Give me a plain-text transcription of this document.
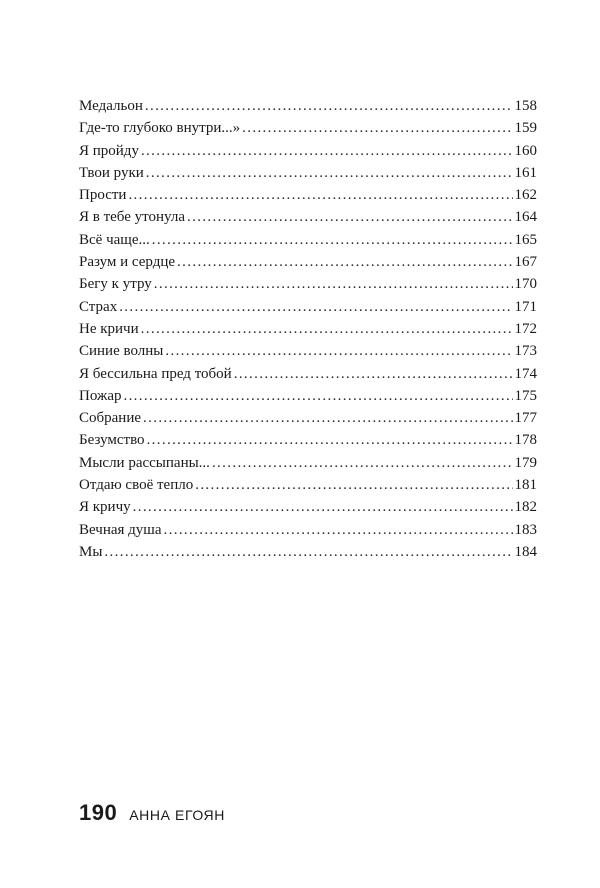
Медальон . . .	158
Где-то глубоко внутри...» . . .	159
Я пройду . . .	160
Твои руки . . .	161
Прости . . .	162
Я в тебе утонула . . .	164
Всё чаще... . . .	165
Разум и сердце . . .	167
Бегу к утру . . .	170
Страх . . .	171
Не кричи . . .	172
Синие волны . . .	173
Я бессильна пред тобой . . .	174
Пожар . . .	175
Собрание . . .	177
Безумство . . .	178
Мысли рассыпаны... . . .	179
Отдаю своё тепло . . .	181
Я кричу . . .	182
Вечная душа . . .	183
Мы . . .	184
190 АННА ЕГОЯН
